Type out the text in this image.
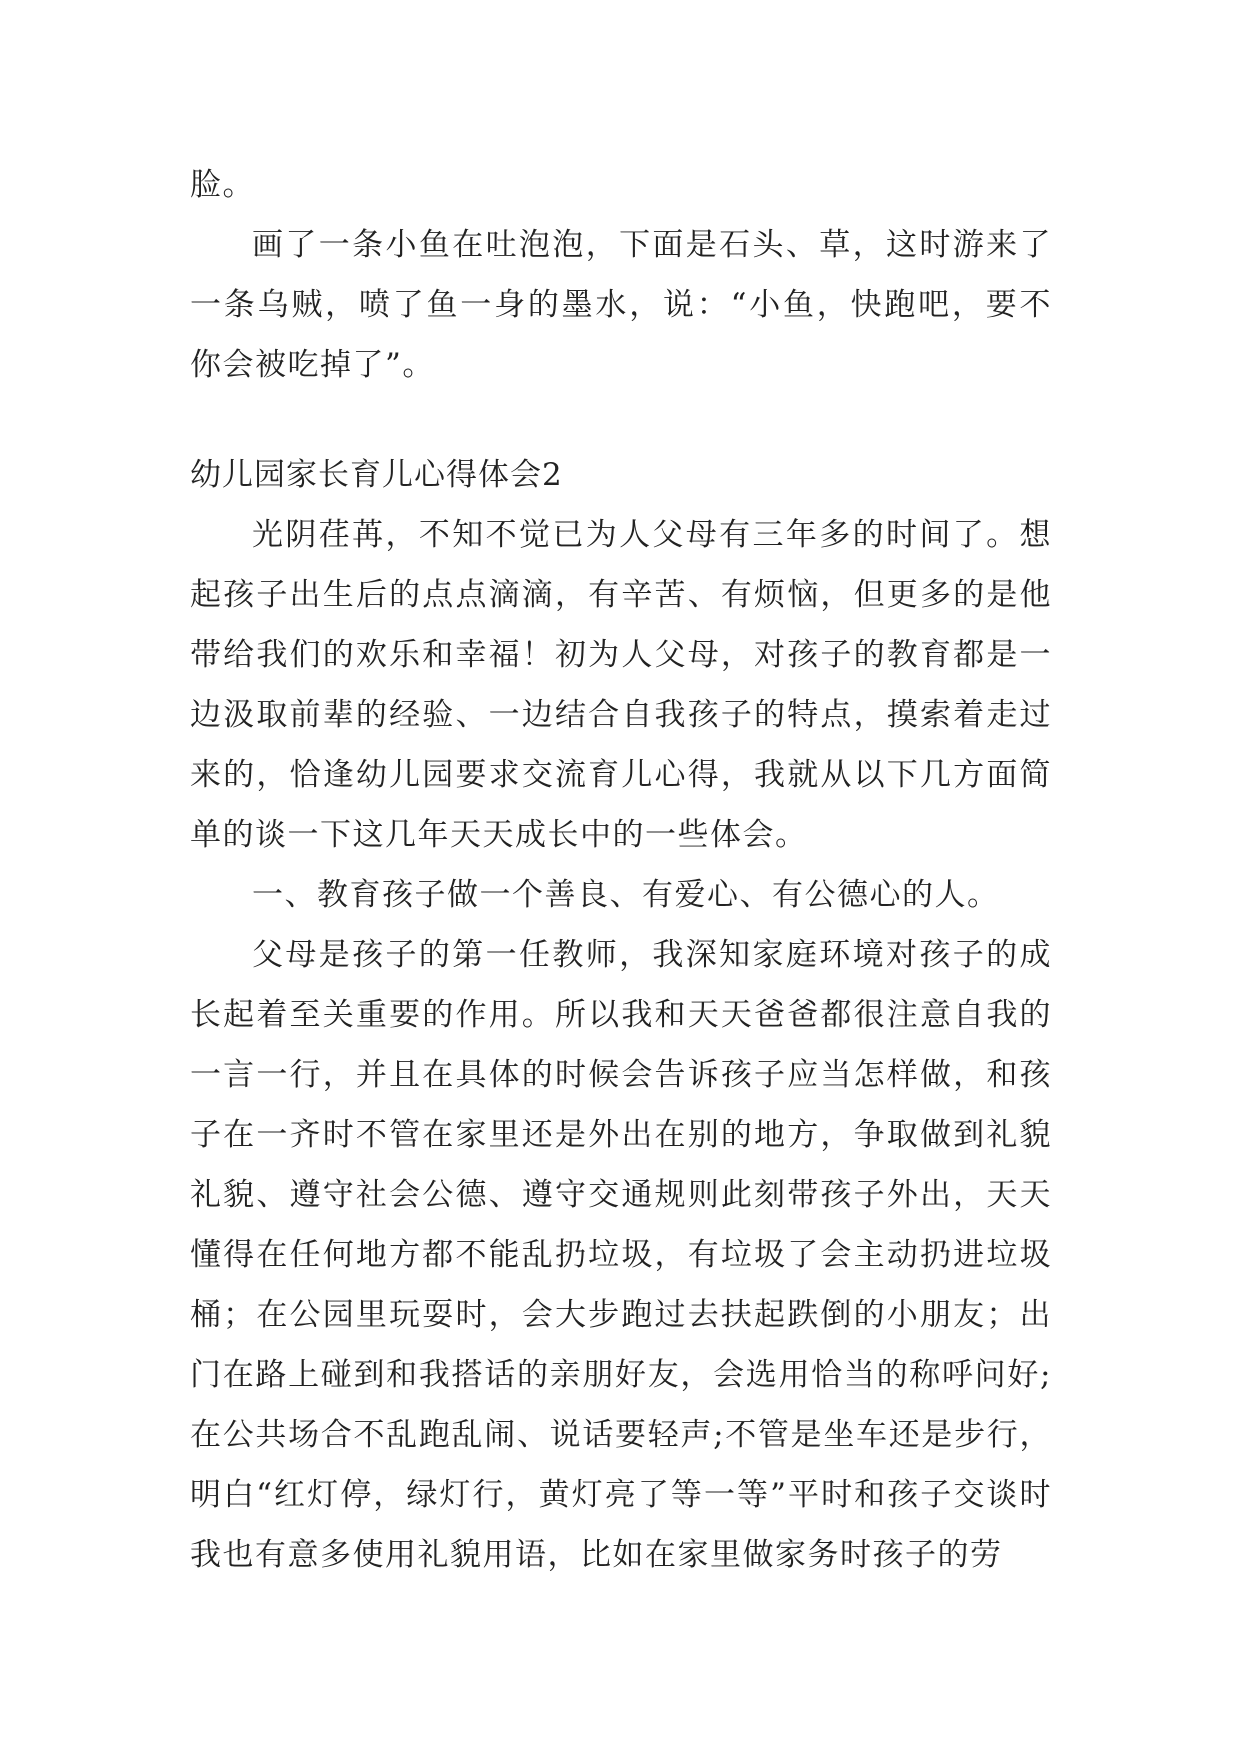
脸。

画了一条小鱼在吐泡泡，下面是石头、草，这时游来了一条乌贼，喷了鱼一身的墨水，说：“小鱼，快跑吧，要不你会被吃掉了”。

幼儿园家长育儿心得体会2

光阴荏苒，不知不觉已为人父母有三年多的时间了。想起孩子出生后的点点滴滴，有辛苦、有烦恼，但更多的是他带给我们的欢乐和幸福！初为人父母，对孩子的教育都是一边汲取前辈的经验、一边结合自我孩子的特点，摸索着走过来的，恰逢幼儿园要求交流育儿心得，我就从以下几方面简单的谈一下这几年天天成长中的一些体会。

一、教育孩子做一个善良、有爱心、有公德心的人。

父母是孩子的第一任教师，我深知家庭环境对孩子的成长起着至关重要的作用。所以我和天天爸爸都很注意自我的一言一行，并且在具体的时候会告诉孩子应当怎样做，和孩子在一齐时不管在家里还是外出在别的地方，争取做到礼貌礼貌、遵守社会公德、遵守交通规则此刻带孩子外出，天天懂得在任何地方都不能乱扔垃圾，有垃圾了会主动扔进垃圾桶；在公园里玩耍时，会大步跑过去扶起跌倒的小朋友；出门在路上碰到和我搭话的亲朋好友，会选用恰当的称呼问好;在公共场合不乱跑乱闹、说话要轻声;不管是坐车还是步行，明白“红灯停，绿灯行，黄灯亮了等一等”平时和孩子交谈时我也有意多使用礼貌用语，比如在家里做家务时孩子的劳
